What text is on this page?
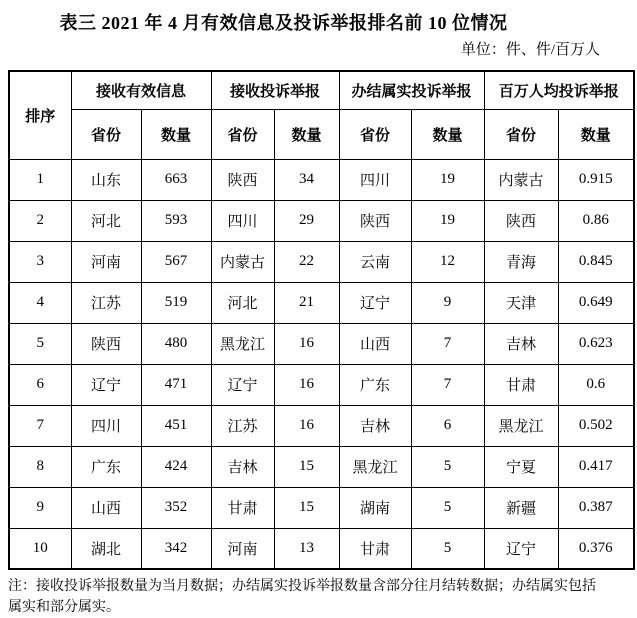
表三 2021 年 4 月有效信息及投诉举报排名前 10 位情况
单位：件、件/百万人
排序	接收有效信息		接收投诉举报		办结属实投诉举报		百万人均投诉举报	
	省份	数量	省份	数量	省份	数量	省份	数量
1	山东	663	陕西	34	四川	19	内蒙古	0.915
2	河北	593	四川	29	陕西	19	陕西	0.86
3	河南	567	内蒙古	22	云南	12	青海	0.845
4	江苏	519	河北	21	辽宁	9	天津	0.649
5	陕西	480	黑龙江	16	山西	7	吉林	0.623
6	辽宁	471	辽宁	16	广东	7	甘肃	0.6
7	四川	451	江苏	16	吉林	6	黑龙江	0.502
8	广东	424	吉林	15	黑龙江	5	宁夏	0.417
9	山西	352	甘肃	15	湖南	5	新疆	0.387
10	湖北	342	河南	13	甘肃	5	辽宁	0.376
注：接收投诉举报数量为当月数据；办结属实投诉举报数量含部分往月结转数据；办结属实包括
属实和部分属实。
